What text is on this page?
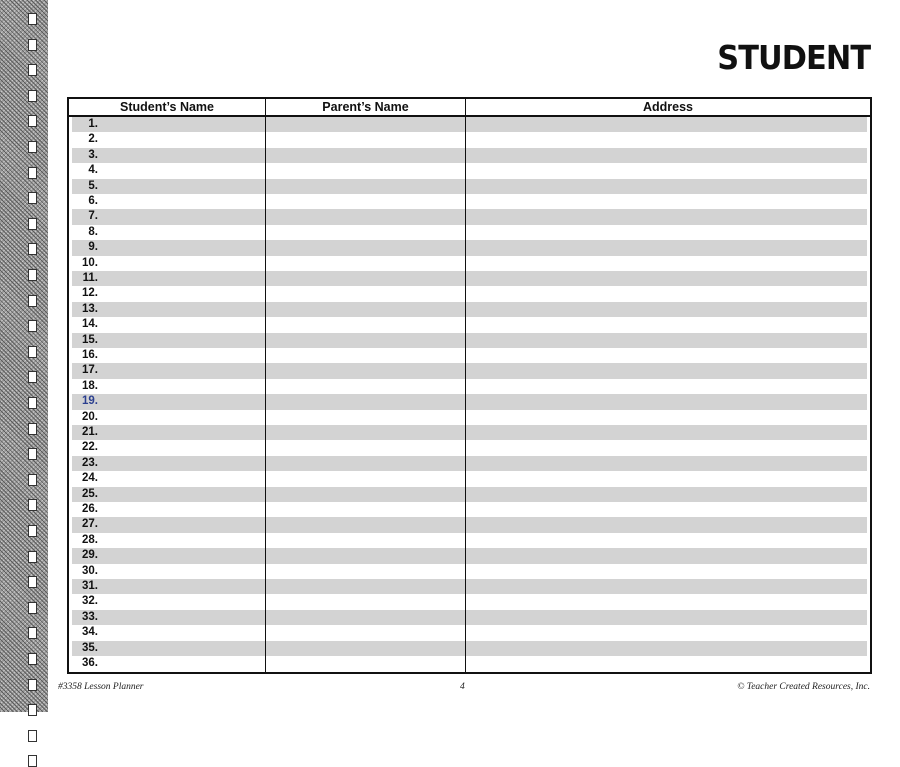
STUDENT
Student’s Name	Parent’s Name	Address
1.
2.
3.
4.
5.
6.
7.
8.
9.
10.
11.
12.
13.
14.
15.
16.
17.
18.
19.
20.
21.
22.
23.
24.
25.
26.
27.
28.
29.
30.
31.
32.
33.
34.
35.
36.
#3358 Lesson Planner	4	© Teacher Created Resources, Inc.
